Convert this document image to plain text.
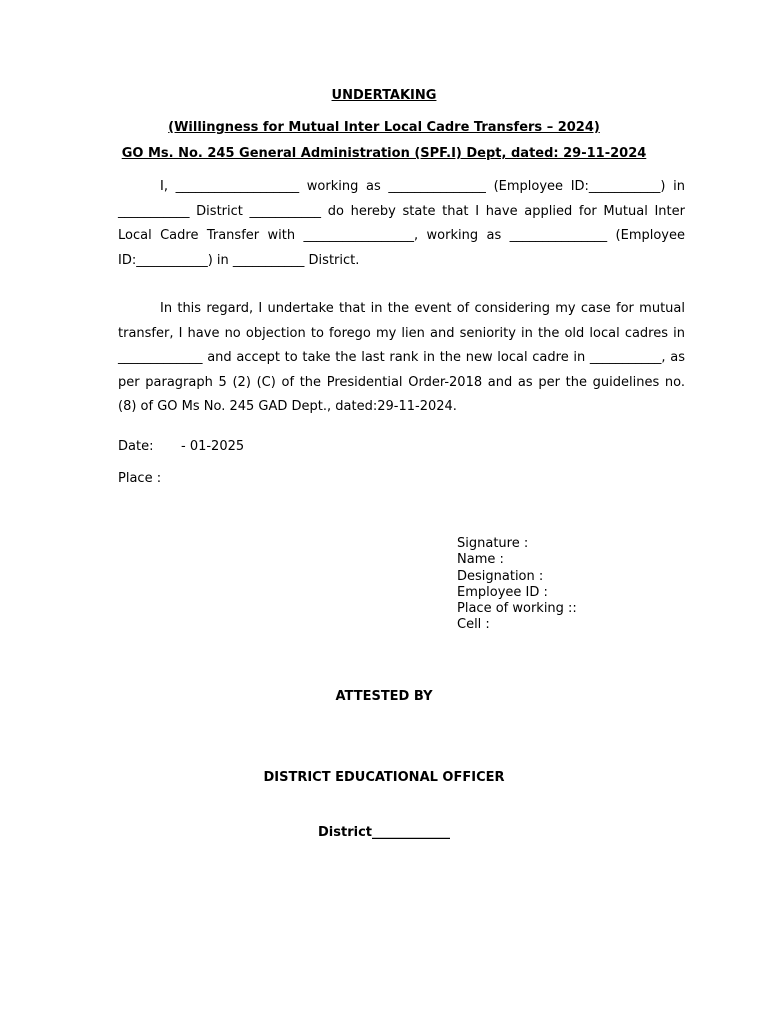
UNDERTAKING
(Willingness for Mutual Inter Local Cadre Transfers – 2024)
GO Ms. No. 245 General Administration (SPF.I) Dept, dated: 29-11-2024

I, ___________________ working as _______________ (Employee ID:___________) in ___________ District ___________ do hereby state that I have applied for Mutual Inter Local Cadre Transfer with _________________, working as _______________ (Employee ID:___________) in ___________ District.

In this regard, I undertake that in the event of considering my case for mutual transfer, I have no objection to forego my lien and seniority in the old local cadres in _____________ and accept to take the last rank in the new local cadre in ___________, as per paragraph 5 (2) (C) of the Presidential Order-2018 and as per the guidelines no. (8) of GO Ms No. 245 GAD Dept., dated:29-11-2024.

Date: - 01-2025
Place :
Signature :
Name :
Designation :
Employee ID :
Place of working ::
Cell :
ATTESTED BY
DISTRICT EDUCATIONAL OFFICER
District____________
